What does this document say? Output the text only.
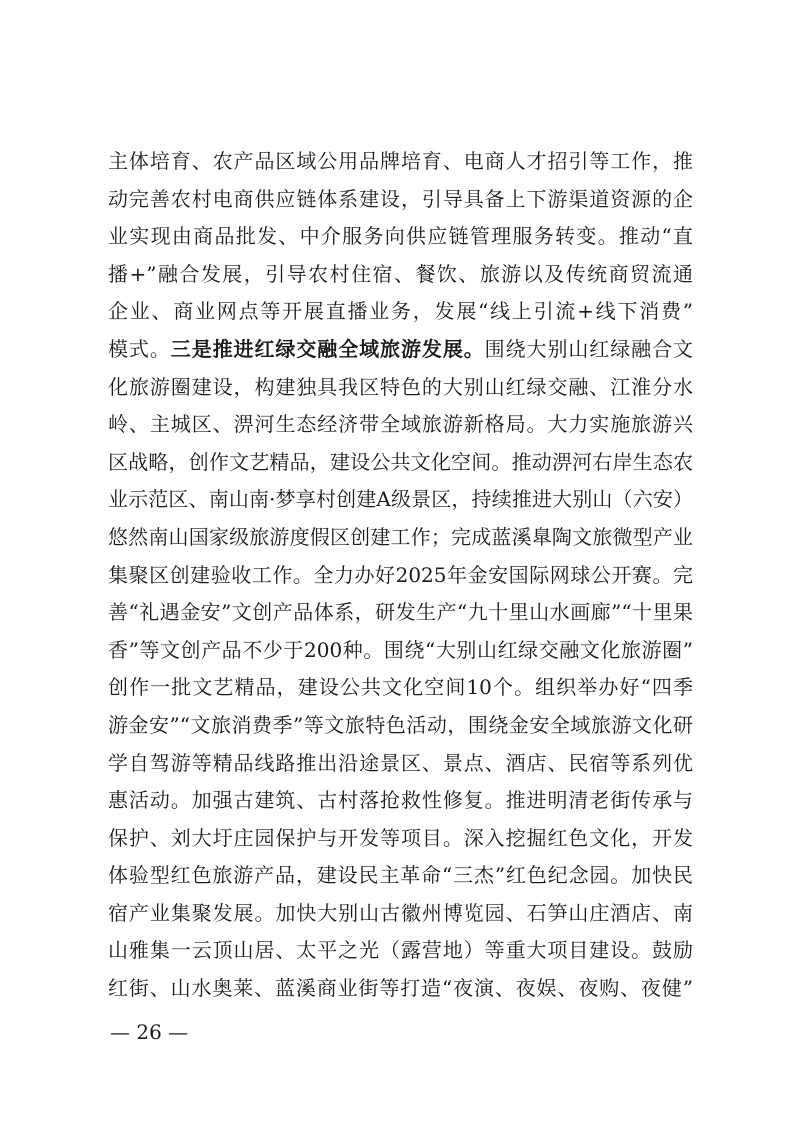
主体培育、农产品区域公用品牌培育、电商人才招引等工作，推
动完善农村电商供应链体系建设，引导具备上下游渠道资源的企
业实现由商品批发、中介服务向供应链管理服务转变。推动“直
播+”融合发展，引导农村住宿、餐饮、旅游以及传统商贸流通
企业、商业网点等开展直播业务，发展“线上引流+线下消费”
模式。三是推进红绿交融全域旅游发展。围绕大别山红绿融合文
化旅游圈建设，构建独具我区特色的大别山红绿交融、江淮分水
岭、主城区、淠河生态经济带全域旅游新格局。大力实施旅游兴
区战略，创作文艺精品，建设公共文化空间。推动淠河右岸生态农
业示范区、南山南·梦享村创建A级景区，持续推进大别山（六安）
悠然南山国家级旅游度假区创建工作；完成蓝溪臯陶文旅微型产业
集聚区创建验收工作。全力办好2025年金安国际网球公开赛。完
善“礼遇金安”文创产品体系，研发生产“九十里山水画廊”“十里果
香”等文创产品不少于200种。围绕“大别山红绿交融文化旅游圈”
创作一批文艺精品，建设公共文化空间10个。组织举办好“四季
游金安”“文旅消费季”等文旅特色活动，围绕金安全域旅游文化研
学自驾游等精品线路推出沿途景区、景点、酒店、民宿等系列优
惠活动。加强古建筑、古村落抢救性修复。推进明清老街传承与
保护、刘大圩庄园保护与开发等项目。深入挖掘红色文化，开发
体验型红色旅游产品，建设民主革命“三杰”红色纪念园。加快民
宿产业集聚发展。加快大别山古徽州博览园、石笋山庄酒店、南
山雅集一云顶山居、太平之光（露营地）等重大项目建设。鼓励
红街、山水奥莱、蓝溪商业街等打造“夜演、夜娱、夜购、夜健”
— 26 —
